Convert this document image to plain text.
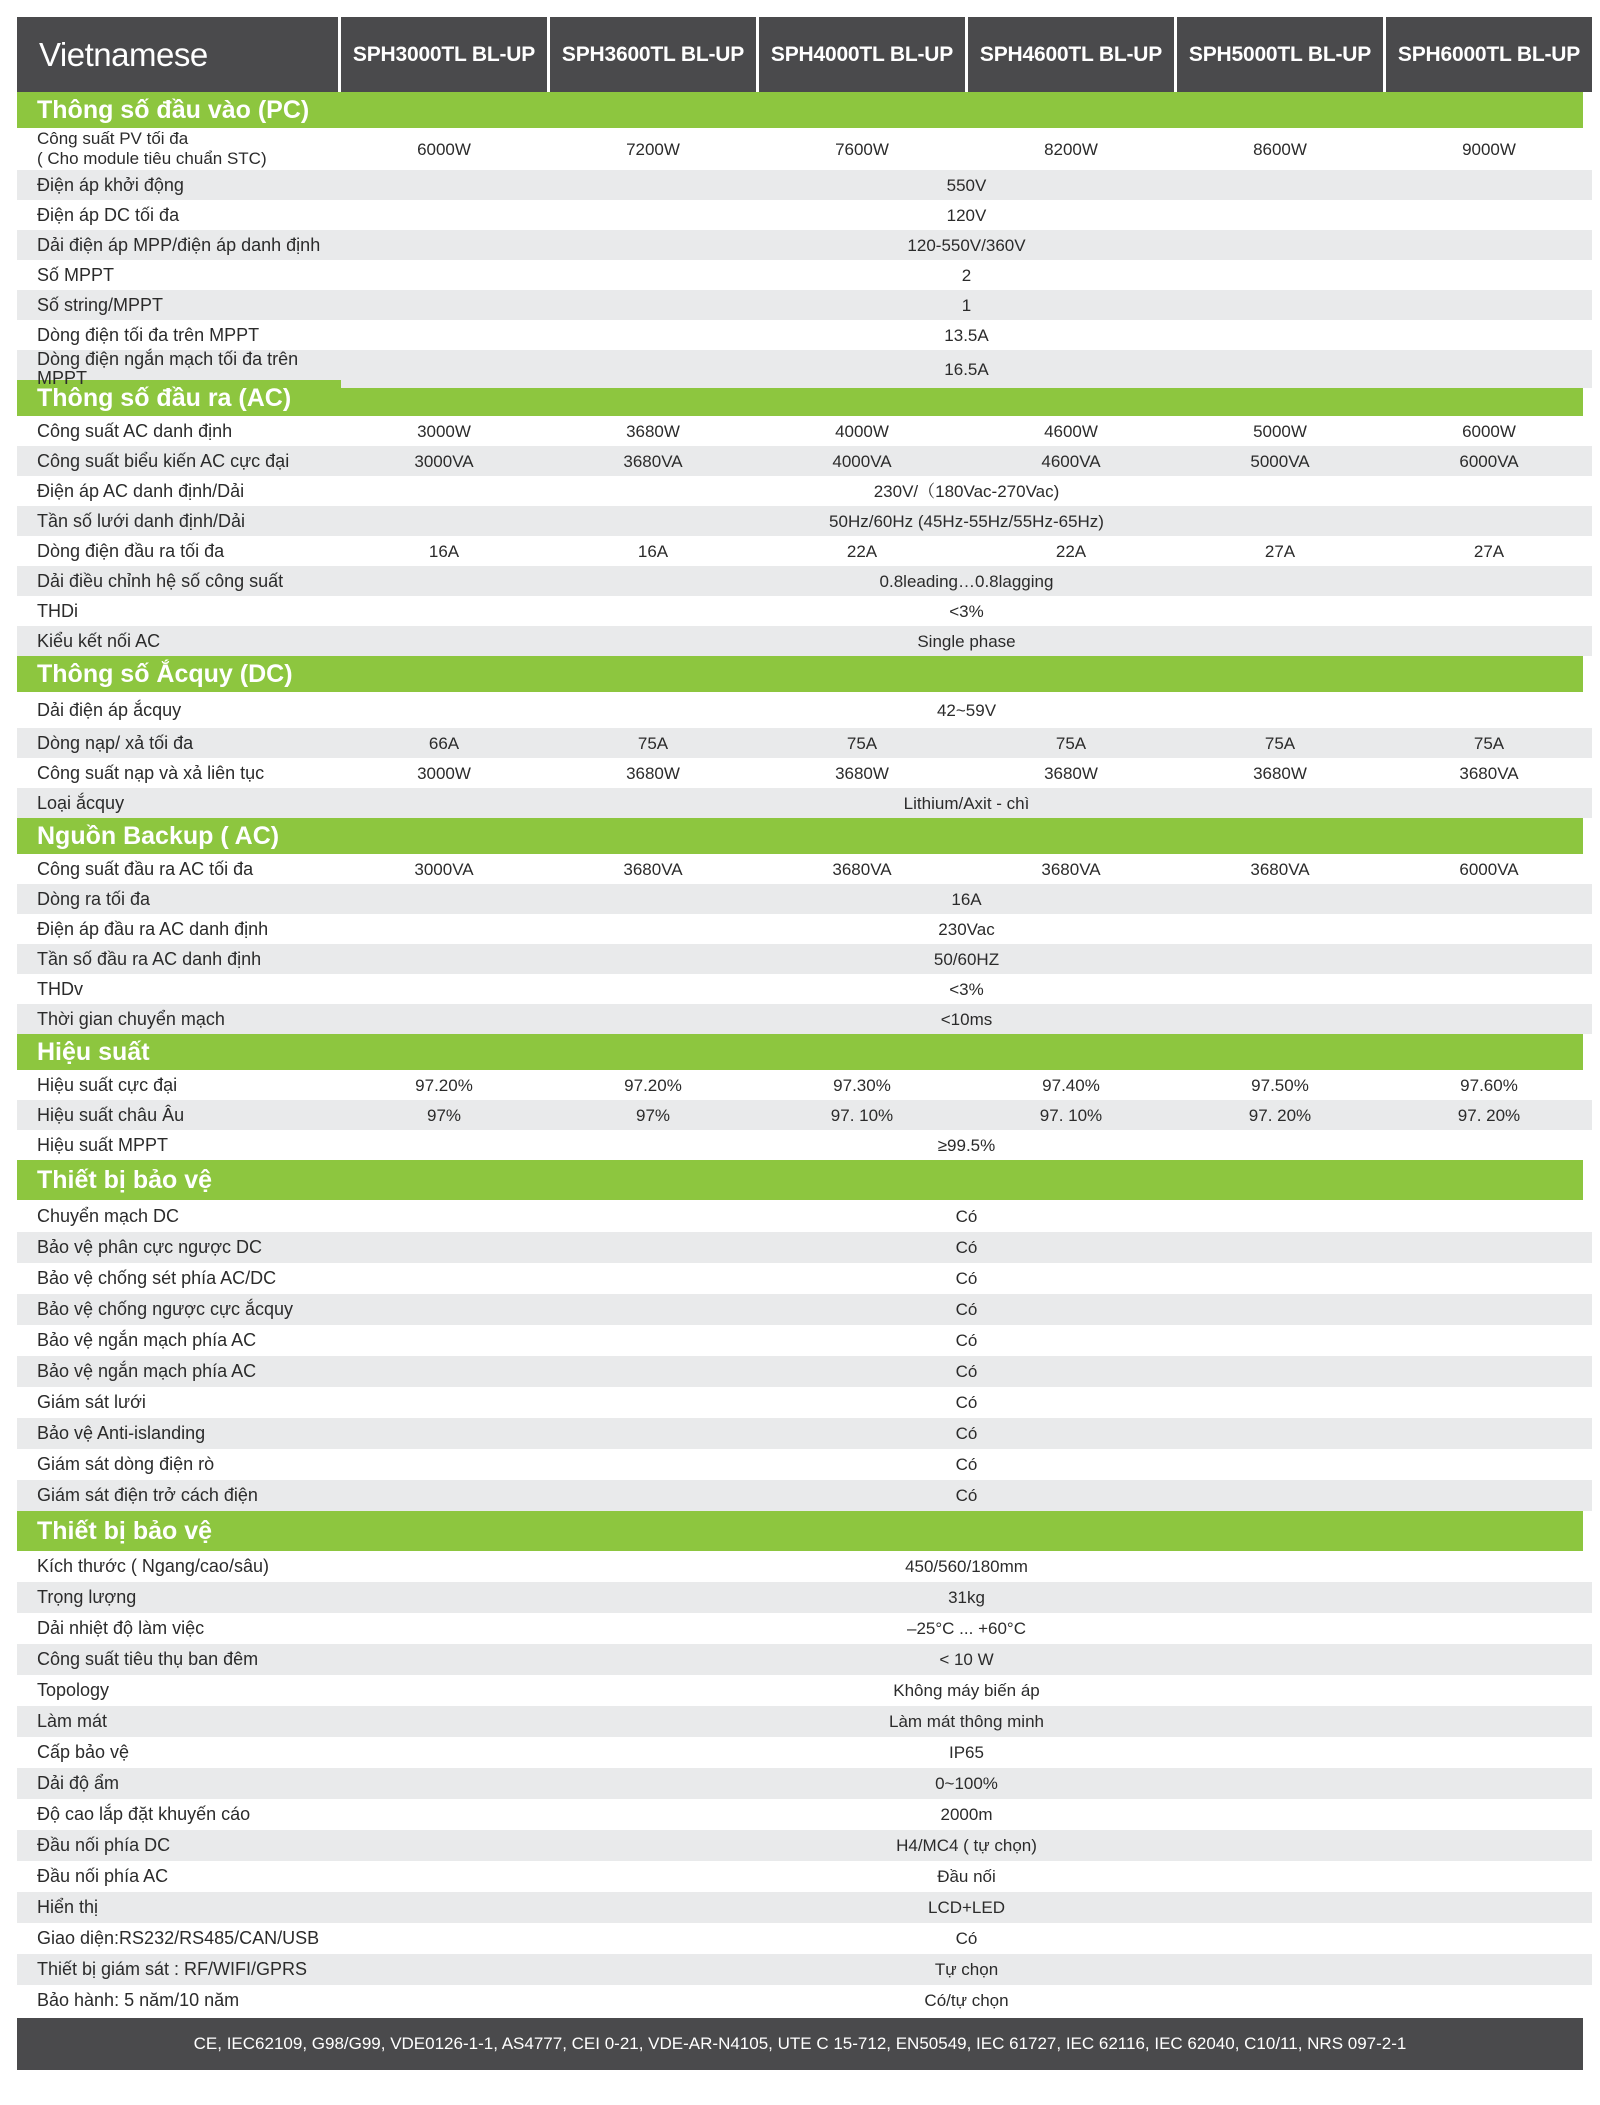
Vietnamese	SPH3000TL BL-UP	SPH3600TL BL-UP	SPH4000TL BL-UP	SPH4600TL BL-UP	SPH5000TL BL-UP	SPH6000TL BL-UP
Thông số đầu vào (PC)
Công suất PV tối đa
( Cho module tiêu chuẩn STC)	6000W	7200W	7600W	8200W	8600W	9000W
Điện áp khởi động	550V
Điện áp DC tối đa	120V
Dải điện áp MPP/điện áp danh định	120-550V/360V
Số MPPT	2
Số string/MPPT	1
Dòng điện tối đa trên MPPT	13.5A
Dòng điện ngắn mạch tối đa trên MPPT	16.5A
Thông số đầu ra (AC)
Công suất AC danh định	3000W	3680W	4000W	4600W	5000W	6000W
Công suất biểu kiến AC cực đại	3000VA	3680VA	4000VA	4600VA	5000VA	6000VA
Điện áp AC danh định/Dải	230V/（180Vac-270Vac)
Tần số lưới danh định/Dải	50Hz/60Hz (45Hz-55Hz/55Hz-65Hz)
Dòng điện đầu ra tối đa	16A	16A	22A	22A	27A	27A
Dải điều chỉnh hệ số công suất	0.8leading…0.8lagging
THDi	<3%
Kiểu kết nối AC	Single phase
Thông số Ắcquy (DC)
Dải điện áp ắcquy	42~59V
Dòng nạp/ xả tối đa	66A	75A	75A	75A	75A	75A
Công suất nạp và xả liên tục	3000W	3680W	3680W	3680W	3680W	3680VA
Loại ắcquy	Lithium/Axit - chì
Nguồn Backup ( AC)
Công suất đầu ra AC tối đa	3000VA	3680VA	3680VA	3680VA	3680VA	6000VA
Dòng ra tối đa	16A
Điện áp đầu ra AC danh định	230Vac
Tần số đầu ra AC danh định	50/60HZ
THDv	<3%
Thời gian chuyển mạch	<10ms
Hiệu suất
Hiệu suất cực đại	97.20%	97.20%	97.30%	97.40%	97.50%	97.60%
Hiệu suất châu Âu	97%	97%	97. 10%	97. 10%	97. 20%	97. 20%
Hiệu suất MPPT	≥99.5%
Thiết bị bảo vệ
Chuyển mạch DC	Có
Bảo vệ phân cực ngược DC	Có
Bảo vệ chống sét phía AC/DC	Có
Bảo vệ chống ngược cực ắcquy	Có
Bảo vệ ngắn mạch phía AC	Có
Bảo vệ ngắn mạch phía AC	Có
Giám sát lưới	Có
Bảo vệ Anti-islanding	Có
Giám sát dòng điện rò	Có
Giám sát điện trở cách điện	Có
Thiết bị bảo vệ
Kích thước ( Ngang/cao/sâu)	450/560/180mm
Trọng lượng	31kg
Dải nhiệt độ làm việc	–25°C ... +60°C
Công suất tiêu thụ ban đêm	< 10 W
Topology	Không máy biến áp
Làm mát	Làm mát thông minh
Cấp bảo vệ	IP65
Dải độ ẩm	0~100%
Độ cao lắp đặt khuyến cáo	2000m
Đầu nối phía DC	H4/MC4 ( tự chọn)
Đầu nối phía AC	Đầu nối
Hiển thị	LCD+LED
Giao diện:RS232/RS485/CAN/USB	Có
Thiết bị giám sát : RF/WIFI/GPRS	Tự chọn
Bảo hành: 5 năm/10 năm	Có/tự chọn
CE, IEC62109, G98/G99, VDE0126-1-1, AS4777, CEI 0-21, VDE-AR-N4105, UTE C 15-712, EN50549, IEC 61727, IEC 62116, IEC 62040, C10/11, NRS 097-2-1
